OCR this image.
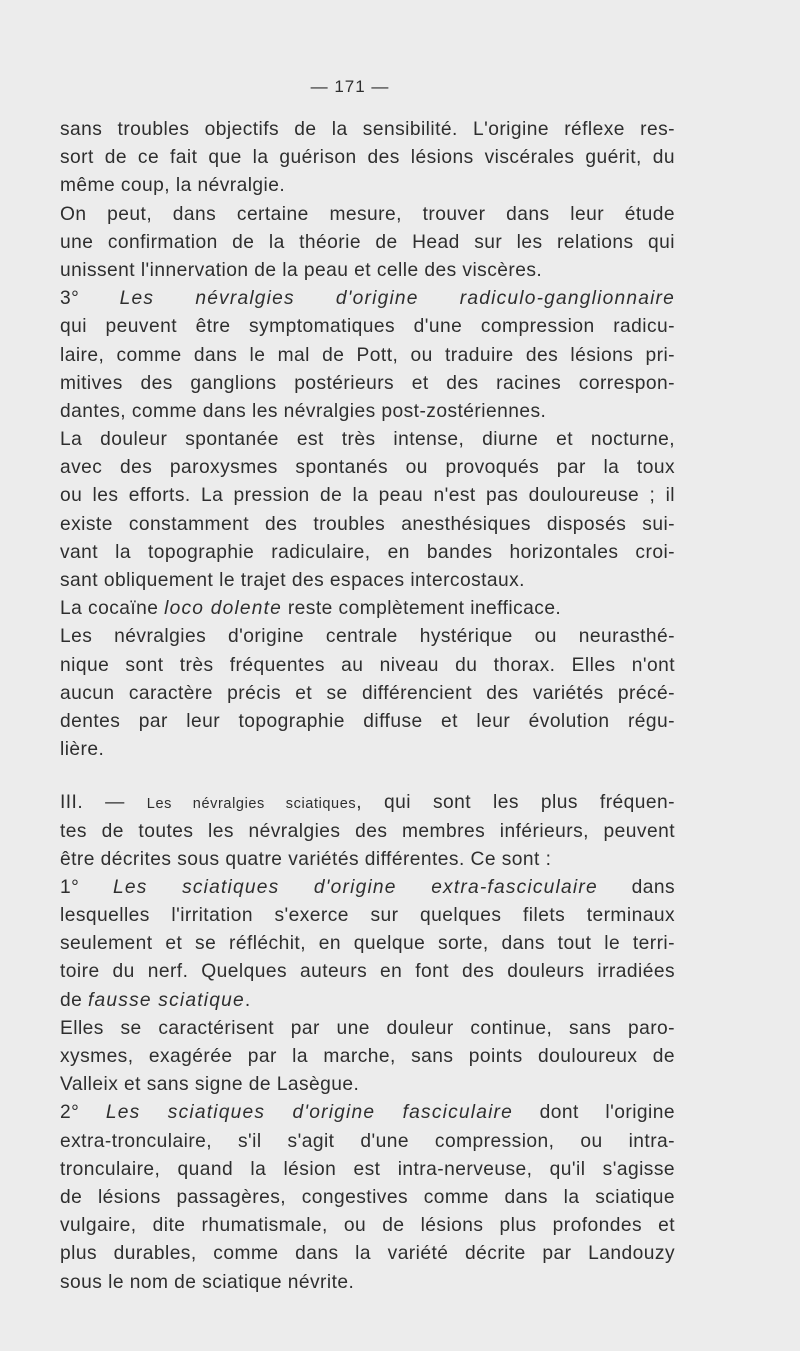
— 171 —
sans troubles objectifs de la sensibilité. L'origine réflexe res-
sort de ce fait que la guérison des lésions viscérales guérit, du
même coup, la névralgie.
On peut, dans certaine mesure, trouver dans leur étude
une confirmation de la théorie de Head sur les relations qui
unissent l'innervation de la peau et celle des viscères.
3° Les névralgies d'origine radiculo-ganglionnaire
qui peuvent être symptomatiques d'une compression radicu-
laire, comme dans le mal de Pott, ou traduire des lésions pri-
mitives des ganglions postérieurs et des racines correspon-
dantes, comme dans les névralgies post-zostériennes.
La douleur spontanée est très intense, diurne et nocturne,
avec des paroxysmes spontanés ou provoqués par la toux
ou les efforts. La pression de la peau n'est pas douloureuse ; il
existe constamment des troubles anesthésiques disposés sui-
vant la topographie radiculaire, en bandes horizontales croi-
sant obliquement le trajet des espaces intercostaux.
La cocaïne loco dolente reste complètement inefficace.
Les névralgies d'origine centrale hystérique ou neurasthé-
nique sont très fréquentes au niveau du thorax. Elles n'ont
aucun caractère précis et se différencient des variétés précé-
dentes par leur topographie diffuse et leur évolution régu-
lière.
III. — Les névralgies sciatiques, qui sont les plus fréquen-
tes de toutes les névralgies des membres inférieurs, peuvent
être décrites sous quatre variétés différentes. Ce sont :
1° Les sciatiques d'origine extra-fasciculaire dans
lesquelles l'irritation s'exerce sur quelques filets terminaux
seulement et se réfléchit, en quelque sorte, dans tout le terri-
toire du nerf. Quelques auteurs en font des douleurs irradiées
de fausse sciatique.
Elles se caractérisent par une douleur continue, sans paro-
xysmes, exagérée par la marche, sans points douloureux de
Valleix et sans signe de Lasègue.
2° Les sciatiques d'origine fasciculaire dont l'origine
extra-tronculaire, s'il s'agit d'une compression, ou intra-
tronculaire, quand la lésion est intra-nerveuse, qu'il s'agisse
de lésions passagères, congestives comme dans la sciatique
vulgaire, dite rhumatismale, ou de lésions plus profondes et
plus durables, comme dans la variété décrite par Landouzy
sous le nom de sciatique névrite.
